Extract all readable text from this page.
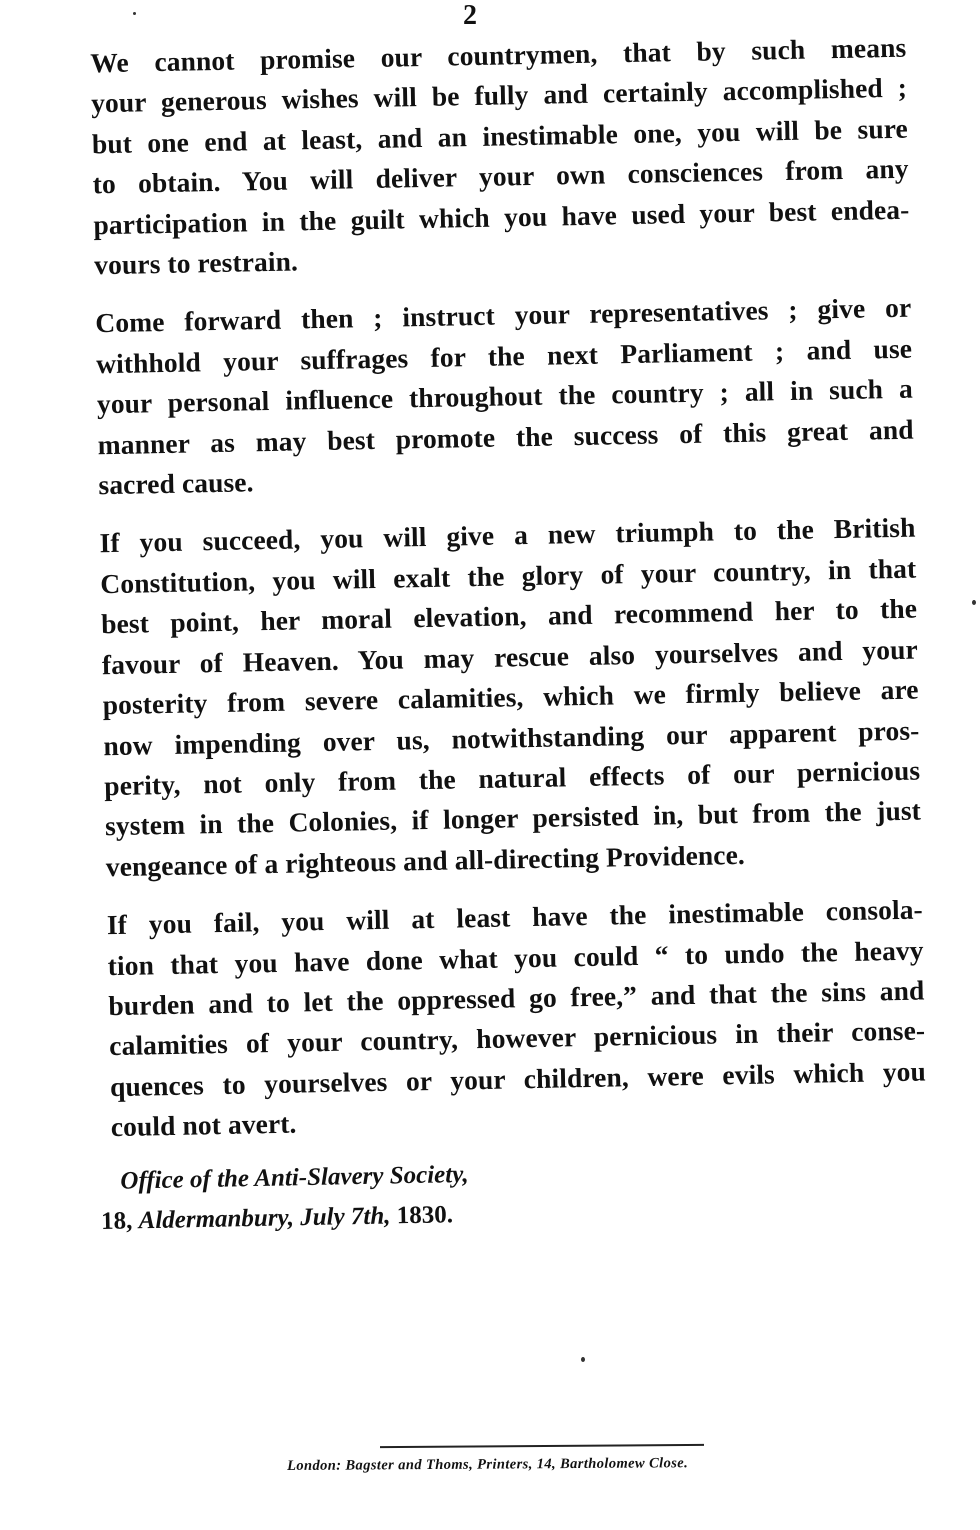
2

We cannot promise our countrymen, that by such means
your generous wishes will be fully and certainly accomplished ;
but one end at least, and an inestimable one, you will be sure
to obtain. You will deliver your own consciences from any
participation in the guilt which you have used your best endea-
vours to restrain.

Come forward then ; instruct your representatives ; give or
withhold your suffrages for the next Parliament ; and use
your personal influence throughout the country ; all in such a
manner as may best promote the success of this great and
sacred cause.

If you succeed, you will give a new triumph to the British
Constitution, you will exalt the glory of your country, in that
best point, her moral elevation, and recommend her to the
favour of Heaven. You may rescue also yourselves and your
posterity from severe calamities, which we firmly believe are
now impending over us, notwithstanding our apparent pros-
perity, not only from the natural effects of our pernicious
system in the Colonies, if longer persisted in, but from the just
vengeance of a righteous and all-directing Providence.

If you fail, you will at least have the inestimable consola-
tion that you have done what you could “ to undo the heavy
burden and to let the oppressed go free,” and that the sins and
calamities of your country, however pernicious in their conse-
quences to yourselves or your children, were evils which you
could not avert.

Office of the Anti-Slavery Society,
18, Aldermanbury, July 7th, 1830.
London: Bagster and Thoms, Printers, 14, Bartholomew Close.
